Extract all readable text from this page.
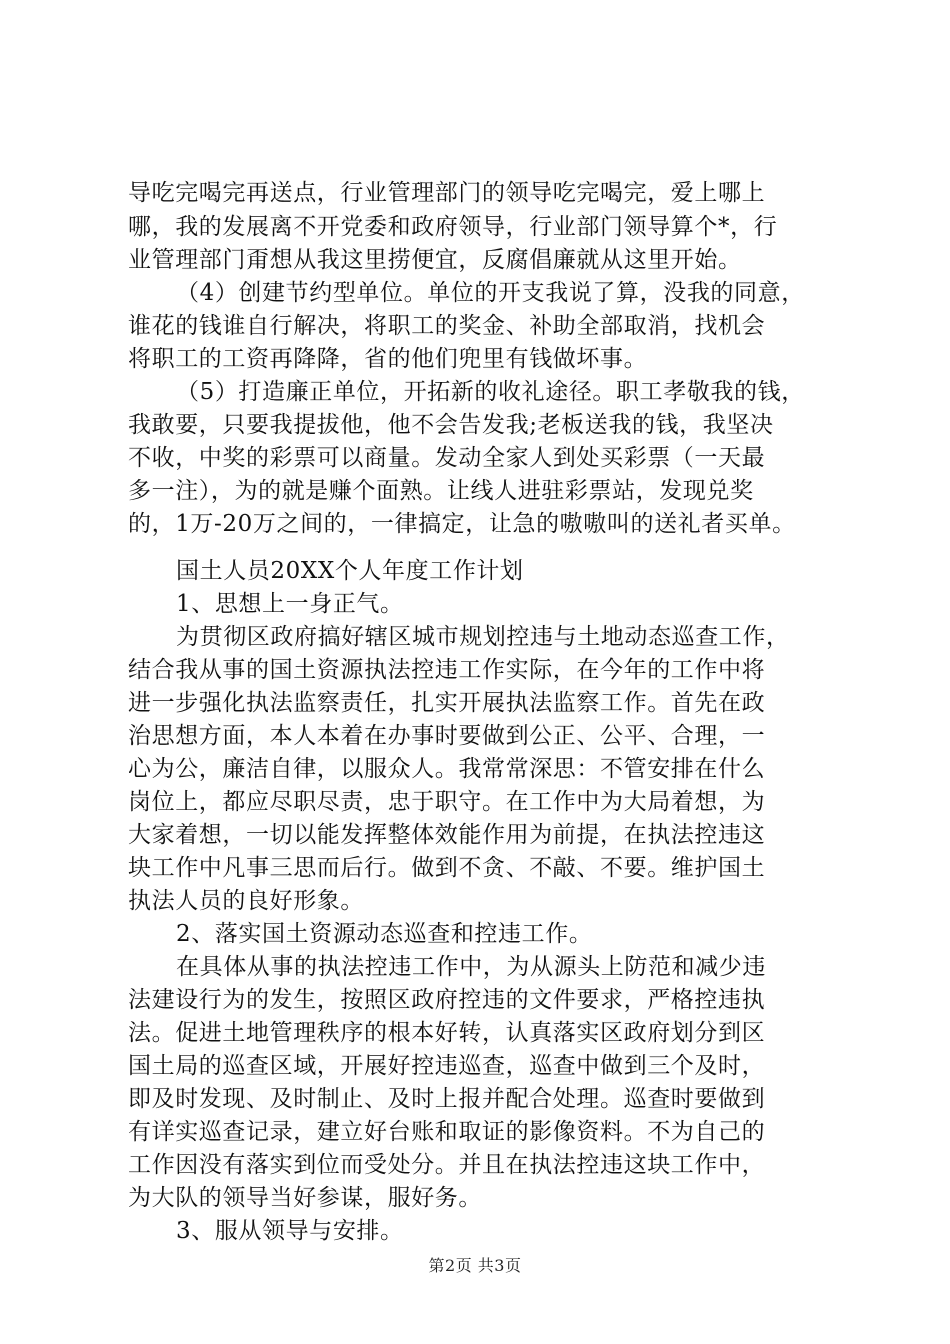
导吃完喝完再送点，行业管理部门的领导吃完喝完，爱上哪上
哪，我的发展离不开党委和政府领导，行业部门领导算个*，行
业管理部门甭想从我这里捞便宜，反腐倡廉就从这里开始。
（4）创建节约型单位。单位的开支我说了算，没我的同意，
谁花的钱谁自行解决，将职工的奖金、补助全部取消，找机会
将职工的工资再降降，省的他们兜里有钱做坏事。
（5）打造廉正单位，开拓新的收礼途径。职工孝敬我的钱，
我敢要，只要我提拔他，他不会告发我;老板送我的钱，我坚决
不收，中奖的彩票可以商量。发动全家人到处买彩票（一天最
多一注），为的就是赚个面熟。让线人进驻彩票站，发现兑奖
的，1万-20万之间的，一律搞定，让急的嗷嗷叫的送礼者买单。
国土人员20XX个人年度工作计划
1、思想上一身正气。
为贯彻区政府搞好辖区城市规划控违与土地动态巡查工作，
结合我从事的国土资源执法控违工作实际，在今年的工作中将
进一步强化执法监察责任，扎实开展执法监察工作。首先在政
治思想方面，本人本着在办事时要做到公正、公平、合理，一
心为公，廉洁自律，以服众人。我常常深思：不管安排在什么
岗位上，都应尽职尽责，忠于职守。在工作中为大局着想，为
大家着想，一切以能发挥整体效能作用为前提，在执法控违这
块工作中凡事三思而后行。做到不贪、不敲、不要。维护国土
执法人员的良好形象。
2、落实国土资源动态巡查和控违工作。
在具体从事的执法控违工作中，为从源头上防范和减少违
法建设行为的发生，按照区政府控违的文件要求，严格控违执
法。促进土地管理秩序的根本好转，认真落实区政府划分到区
国土局的巡查区域，开展好控违巡查，巡查中做到三个及时，
即及时发现、及时制止、及时上报并配合处理。巡查时要做到
有详实巡查记录，建立好台账和取证的影像资料。不为自己的
工作因没有落实到位而受处分。并且在执法控违这块工作中，
为大队的领导当好参谋，服好务。
3、服从领导与安排。
第2页 共3页
